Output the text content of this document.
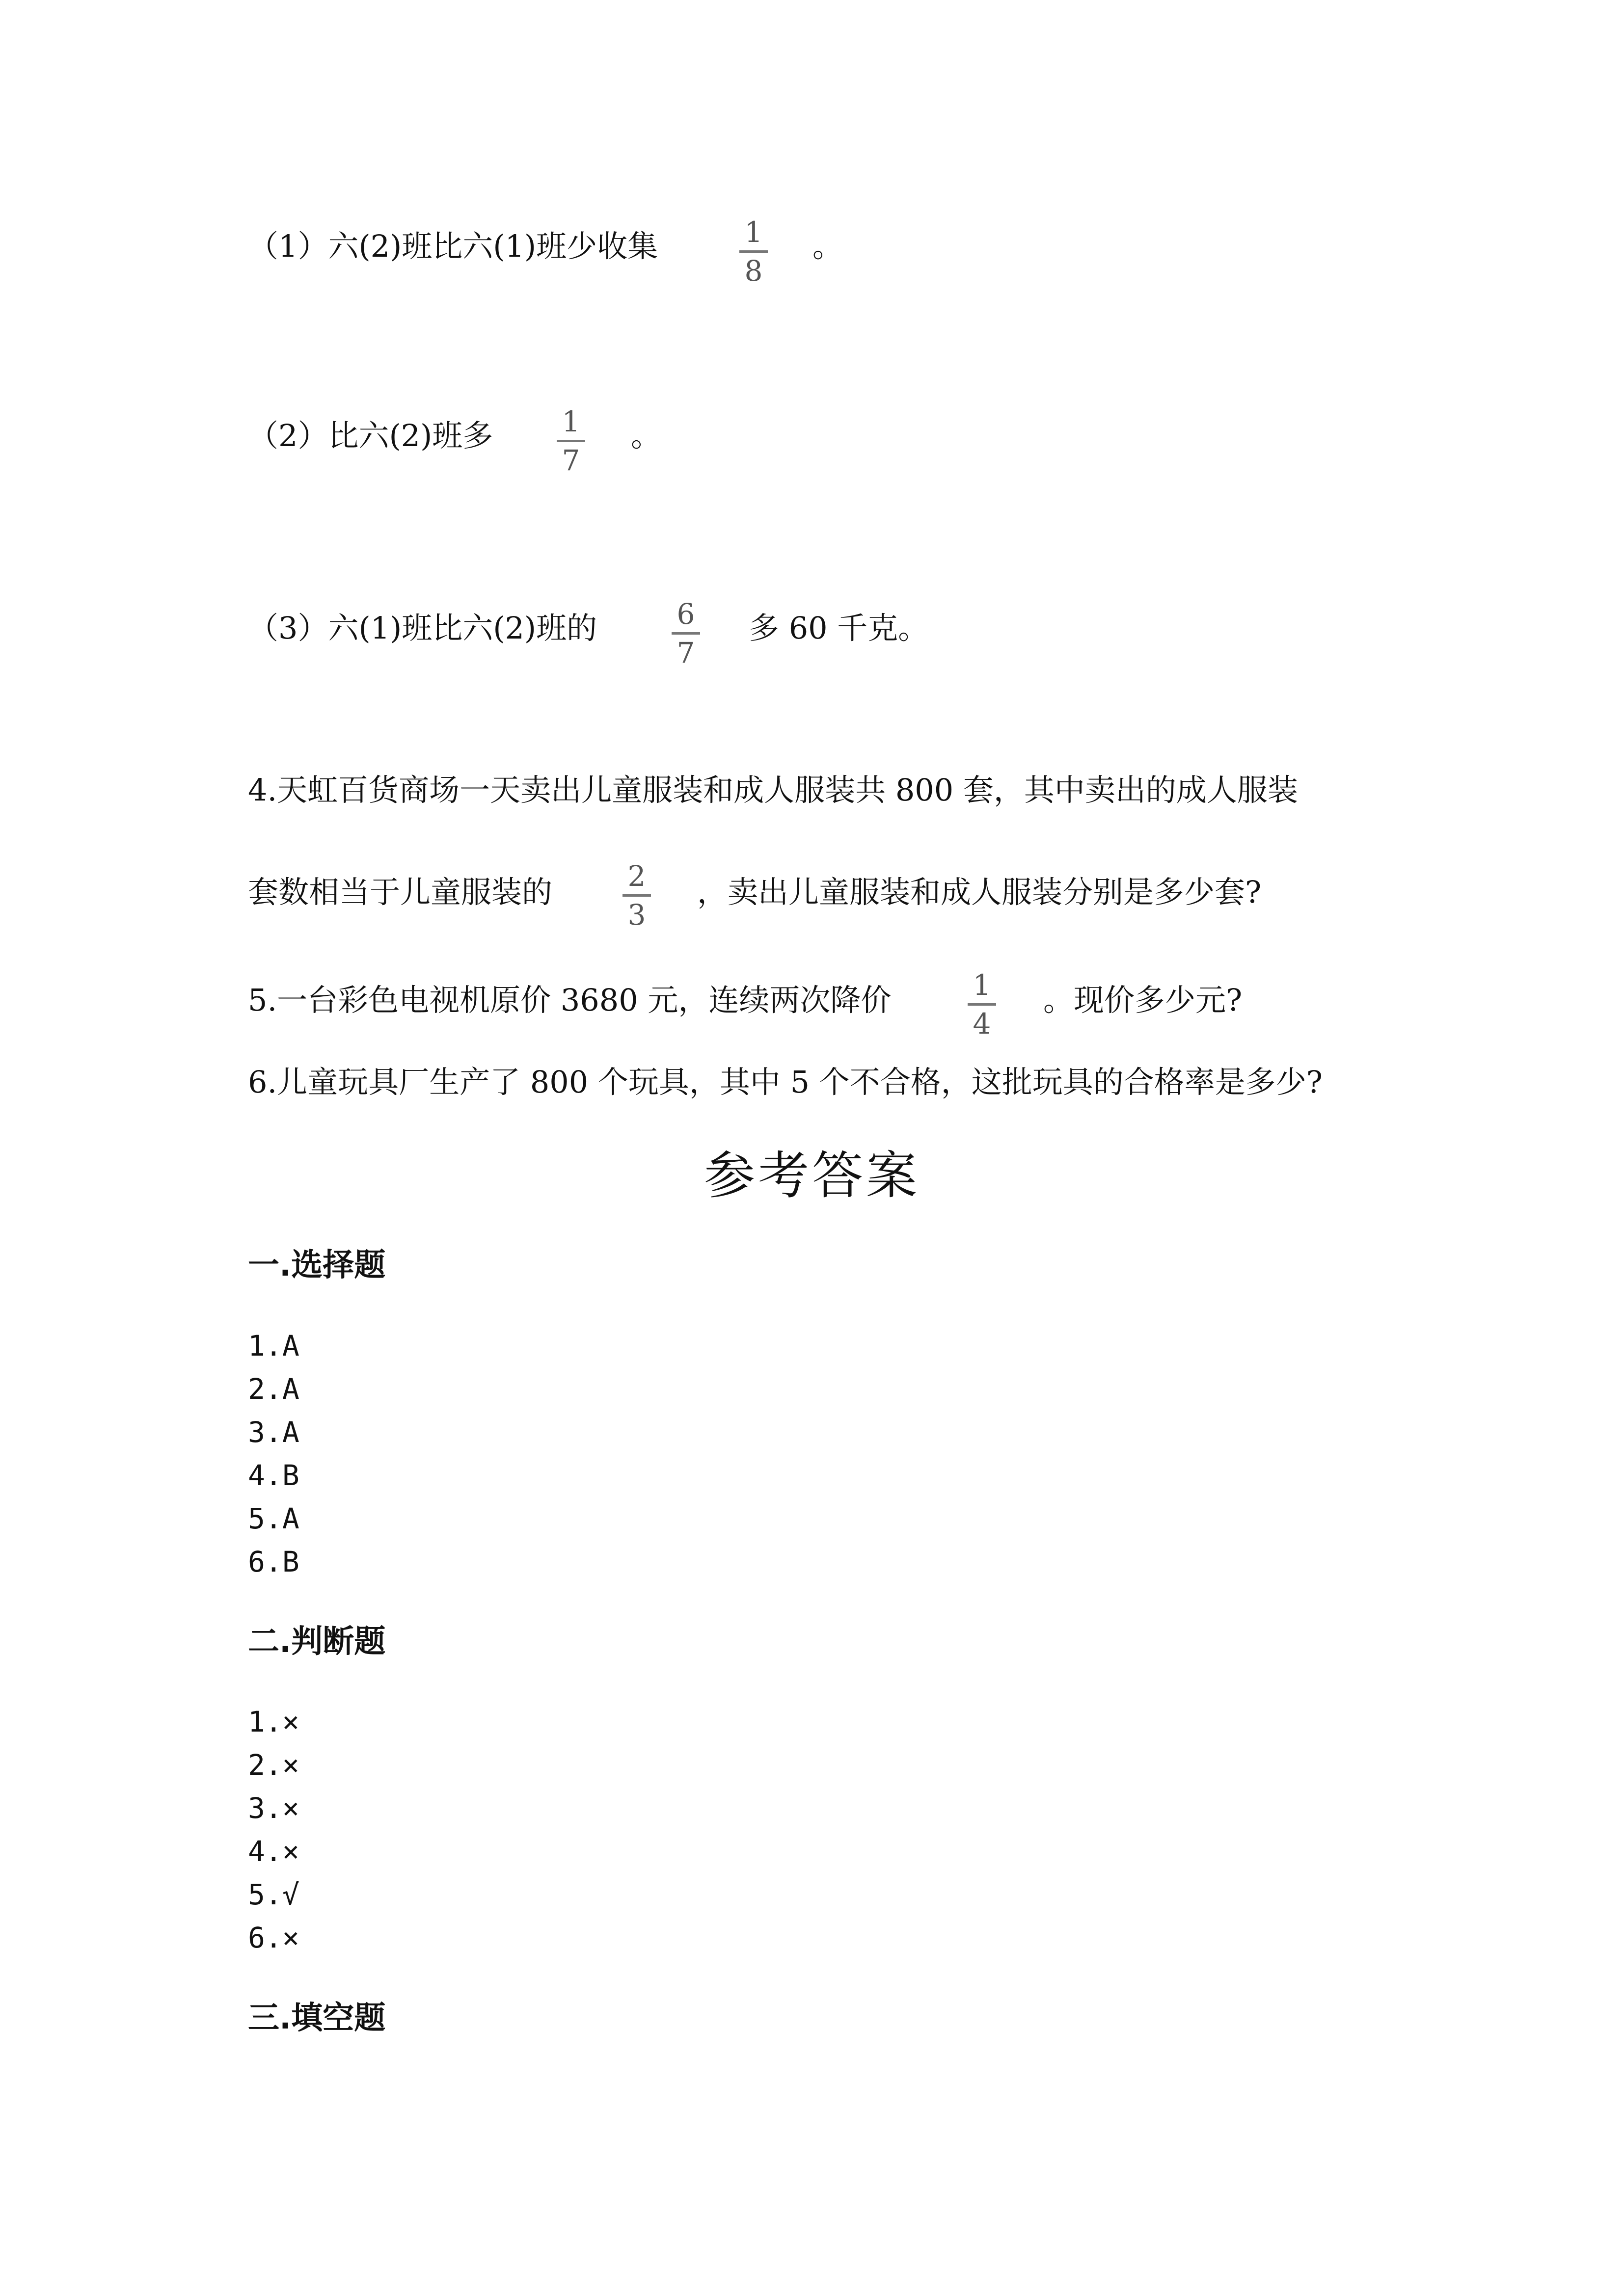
（1）六(2)班比六(1)班少收集	1
8
。
（2）比六(2)班多 1
7
。
（3）六(1)班比六(2)班的	6
7
多 60 千克。
4.天虹百货商场一天卖出儿童服装和成人服装共 800 套，其中卖出的成人服装
套数相当于儿童服装的	2
3
，卖出儿童服装和成人服装分别是多少套?
5.一台彩色电视机原价 3680 元，连续两次降价	1
4
。现价多少元?
6.儿童玩具厂生产了 800 个玩具，其中 5 个不合格，这批玩具的合格率是多少?
参考答案
一.选择题
1.A
2.A
3.A
4.B
5.A
6.B
二.判断题
1.×
2.×
3.×
4.×
5.√
6.×
三.填空题
